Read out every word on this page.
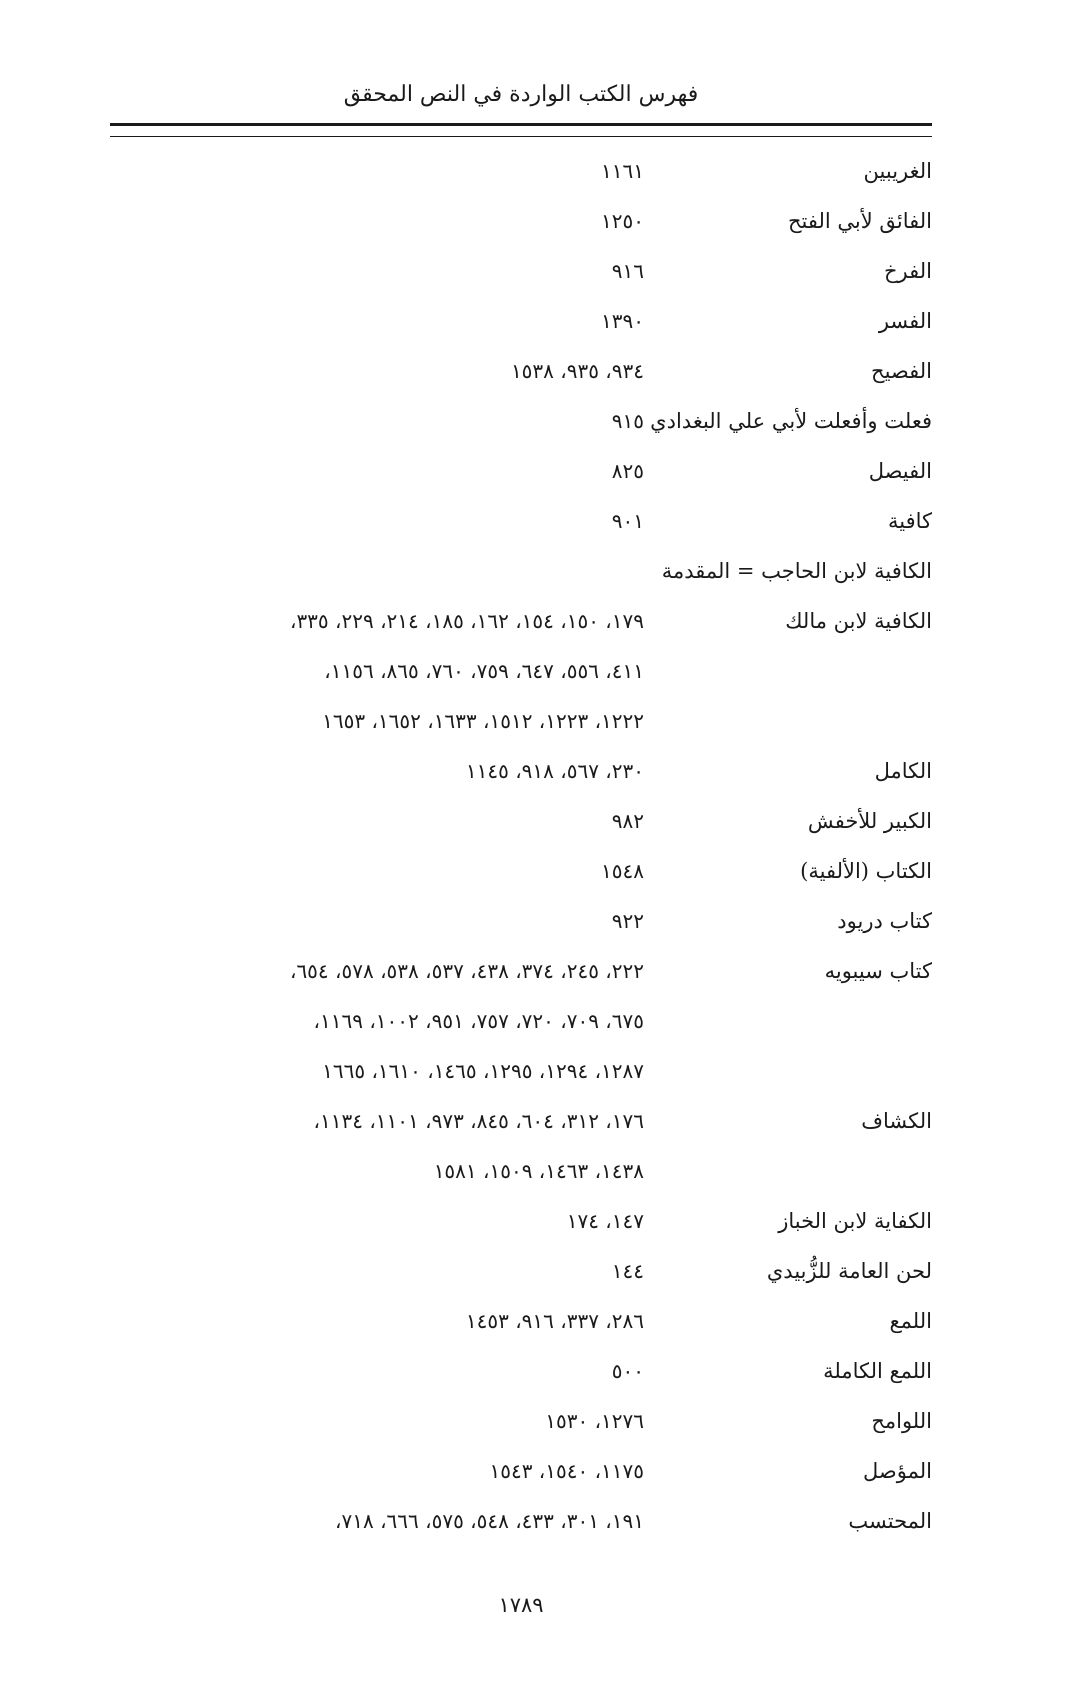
فهرس الكتب الواردة في النص المحقق
الغريبين
١١٦١
الفائق لأبي الفتح
١٢٥٠
الفرخ
٩١٦
الفسر
١٣٩٠
الفصيح
٩٣٤، ٩٣٥، ١٥٣٨
فعلت وأفعلت لأبي علي البغدادي
٩١٥
الفيصل
٨٢٥
كافية
٩٠١
الكافية لابن الحاجب = المقدمة
الكافية لابن مالك
١٧٩، ١٥٠، ١٥٤، ١٦٢، ١٨٥، ٢١٤، ٢٢٩، ٣٣٥،
٤١١، ٥٥٦، ٦٤٧، ٧٥٩، ٧٦٠، ٨٦٥، ١١٥٦،
١٢٢٢، ١٢٢٣، ١٥١٢، ١٦٣٣، ١٦٥٢، ١٦٥٣
الكامل
٢٣٠، ٥٦٧، ٩١٨، ١١٤٥
الكبير للأخفش
٩٨٢
الكتاب (الألفية)
١٥٤٨
كتاب دريود
٩٢٢
كتاب سيبويه
٢٢٢، ٢٤٥، ٣٧٤، ٤٣٨، ٥٣٧، ٥٣٨، ٥٧٨، ٦٥٤،
٦٧٥، ٧٠٩، ٧٢٠، ٧٥٧، ٩٥١، ١٠٠٢، ١١٦٩،
١٢٨٧، ١٢٩٤، ١٢٩٥، ١٤٦٥، ١٦١٠، ١٦٦٥
الكشاف
١٧٦، ٣١٢، ٦٠٤، ٨٤٥، ٩٧٣، ١١٠١، ١١٣٤،
١٤٣٨، ١٤٦٣، ١٥٠٩، ١٥٨١
الكفاية لابن الخباز
١٤٧، ١٧٤
لحن العامة للزُّبيدي
١٤٤
اللمع
٢٨٦، ٣٣٧، ٩١٦، ١٤٥٣
اللمع الكاملة
٥٠٠
اللوامح
١٢٧٦، ١٥٣٠
المؤصل
١١٧٥، ١٥٤٠، ١٥٤٣
المحتسب
١٩١، ٣٠١، ٤٣٣، ٥٤٨، ٥٧٥، ٦٦٦، ٧١٨،
١٧٨٩
